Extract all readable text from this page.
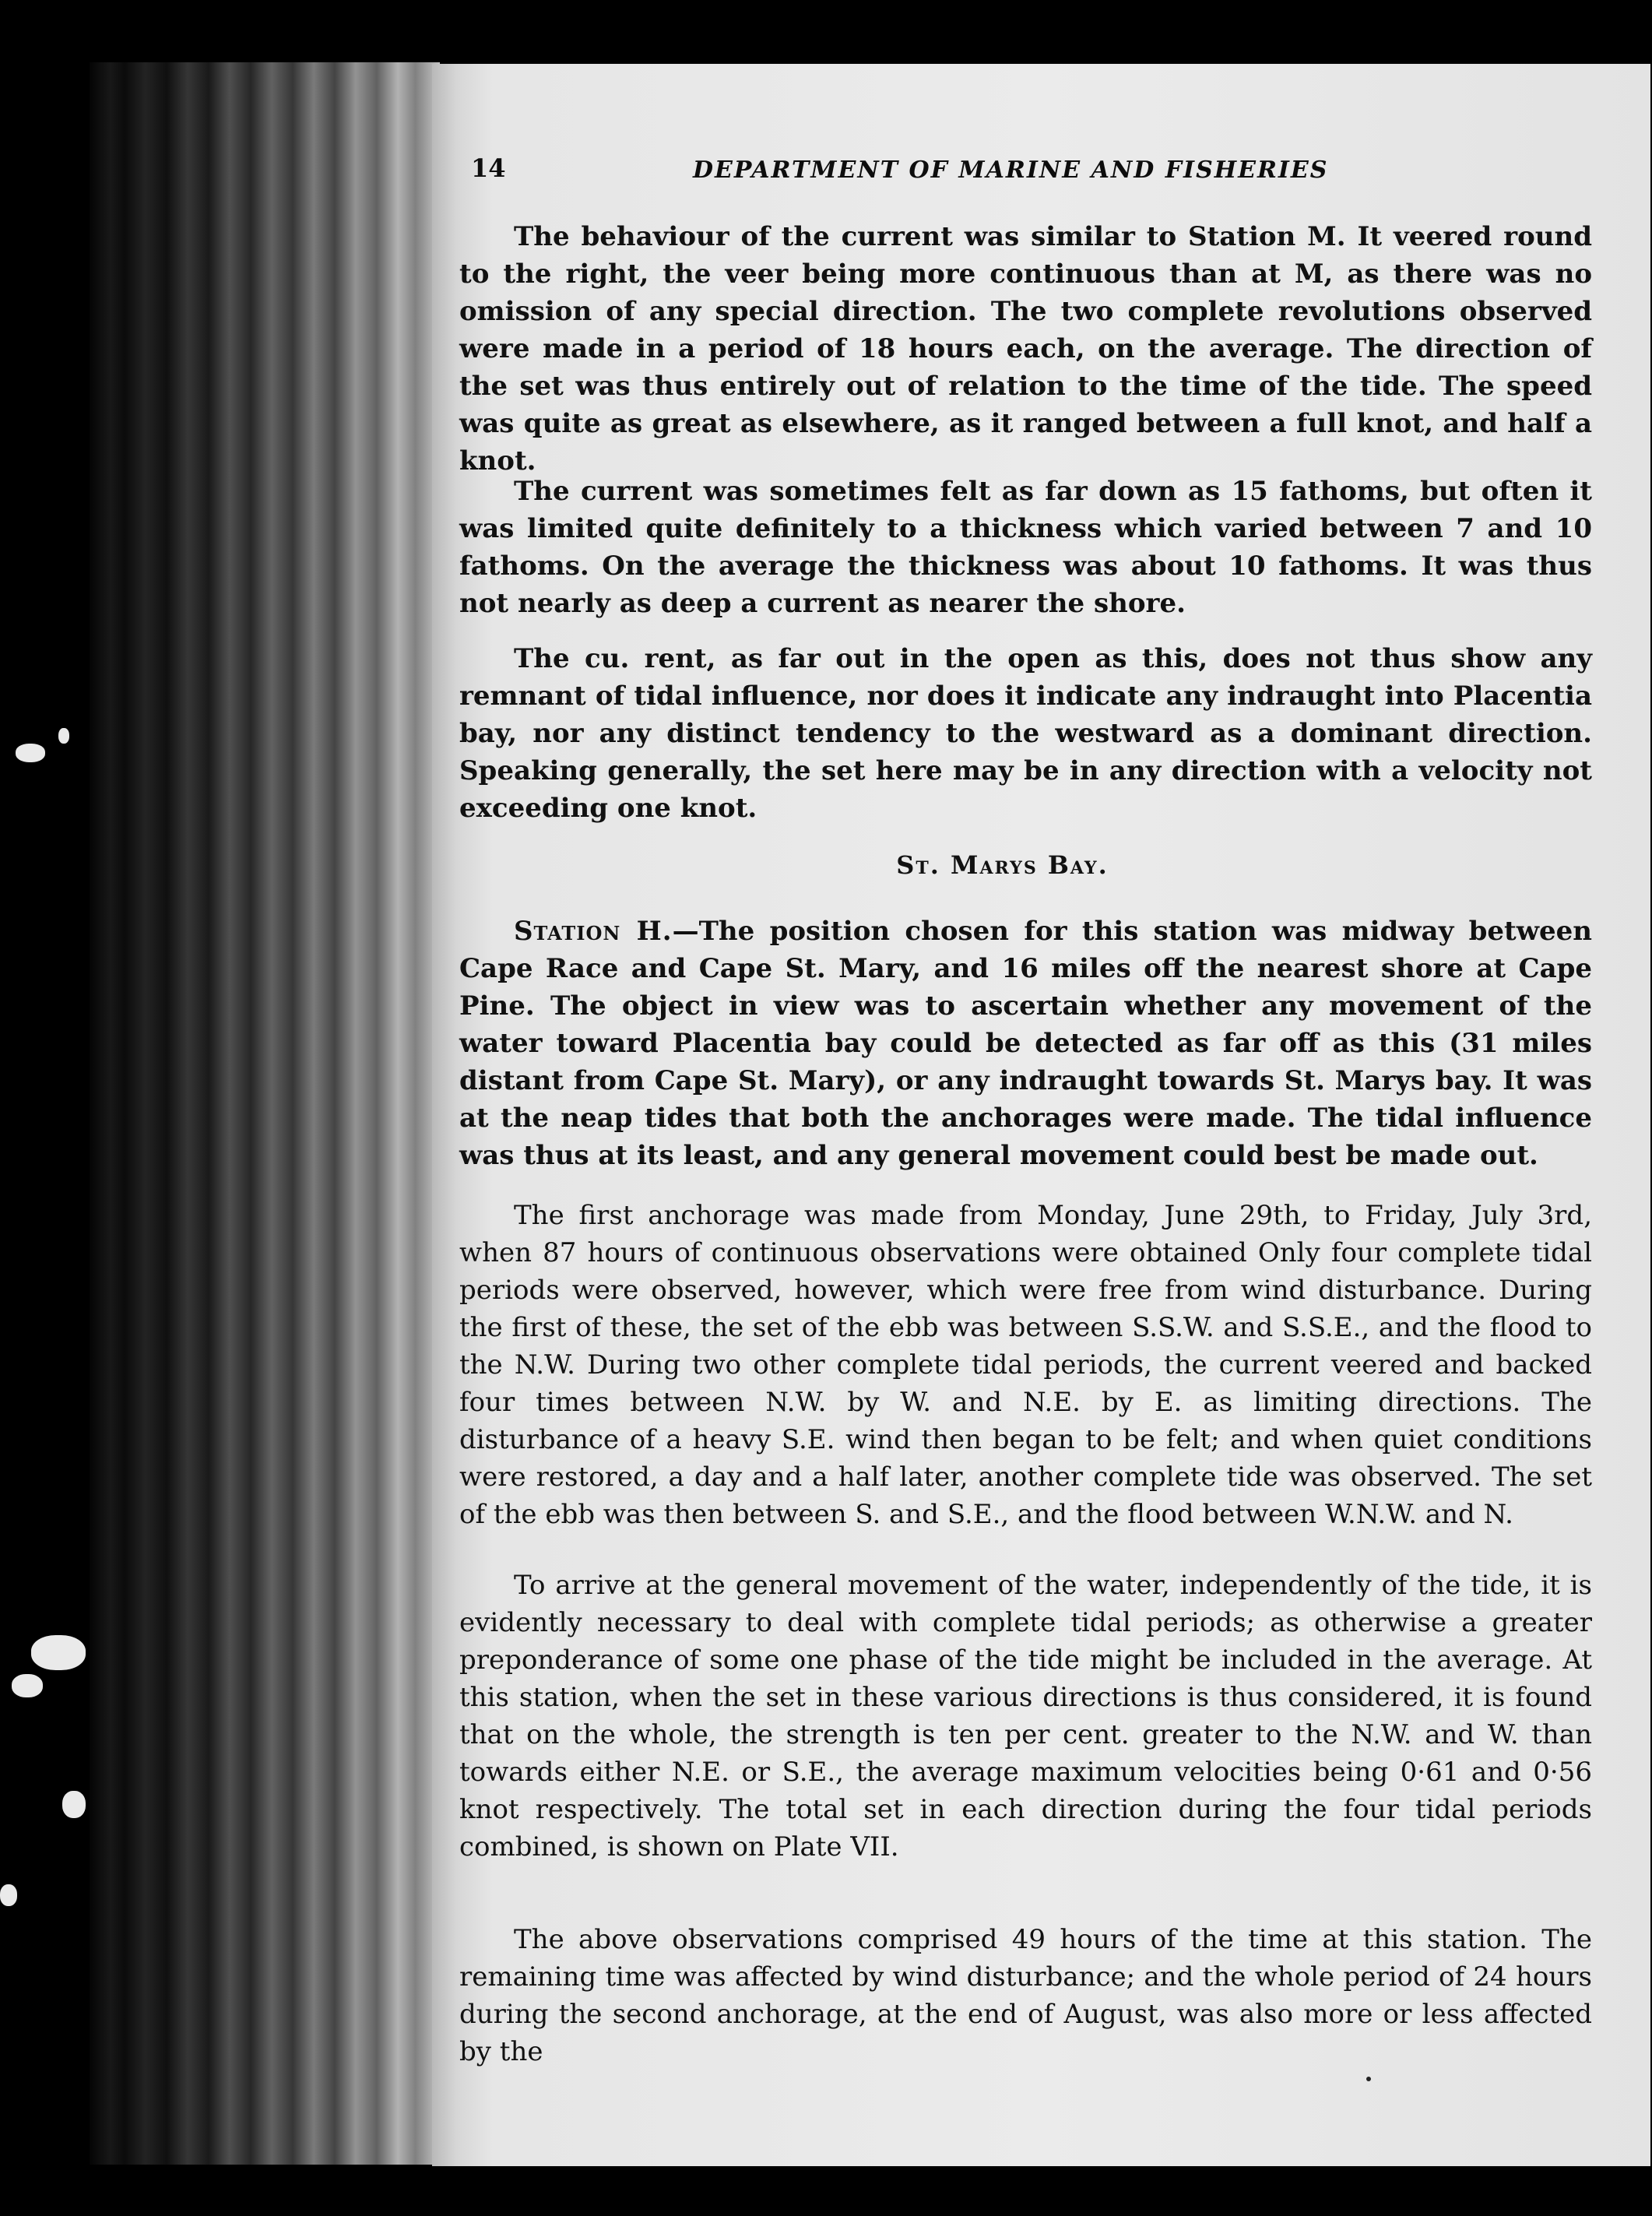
14	DEPARTMENT OF MARINE AND FISHERIES

The behaviour of the current was similar to Station M. It veered round to the right, the veer being more continuous than at M, as there was no omission of any special direction. The two complete revolutions observed were made in a period of 18 hours each, on the average. The direction of the set was thus entirely out of relation to the time of the tide. The speed was quite as great as elsewhere, as it ranged between a full knot, and half a knot.

The current was sometimes felt as far down as 15 fathoms, but often it was limited quite definitely to a thickness which varied between 7 and 10 fathoms. On the average the thickness was about 10 fathoms. It was thus not nearly as deep a current as nearer the shore.

The cu. rent, as far out in the open as this, does not thus show any remnant of tidal influence, nor does it indicate any indraught into Placentia bay, nor any distinct tendency to the westward as a dominant direction. Speaking generally, the set here may be in any direction with a velocity not exceeding one knot.

St. Marys Bay.

Station H.—The position chosen for this station was midway between Cape Race and Cape St. Mary, and 16 miles off the nearest shore at Cape Pine. The object in view was to ascertain whether any movement of the water toward Placentia bay could be detected as far off as this (31 miles distant from Cape St. Mary), or any indraught towards St. Marys bay. It was at the neap tides that both the anchorages were made. The tidal influence was thus at its least, and any general movement could best be made out.

The first anchorage was made from Monday, June 29th, to Friday, July 3rd, when 87 hours of continuous observations were obtained Only four complete tidal periods were observed, however, which were free from wind disturbance. During the first of these, the set of the ebb was between S.S.W. and S.S.E., and the flood to the N.W. During two other complete tidal periods, the current veered and backed four times between N.W. by W. and N.E. by E. as limiting directions. The disturbance of a heavy S.E. wind then began to be felt; and when quiet conditions were restored, a day and a half later, another complete tide was observed. The set of the ebb was then between S. and S.E., and the flood between W.N.W. and N.

To arrive at the general movement of the water, independently of the tide, it is evidently necessary to deal with complete tidal periods; as otherwise a greater preponderance of some one phase of the tide might be included in the average. At this station, when the set in these various directions is thus considered, it is found that on the whole, the strength is ten per cent. greater to the N.W. and W. than towards either N.E. or S.E., the average maximum velocities being 0·61 and 0·56 knot respectively. The total set in each direction during the four tidal periods combined, is shown on Plate VII.

The above observations comprised 49 hours of the time at this station. The remaining time was affected by wind disturbance; and the whole period of 24 hours during the second anchorage, at the end of August, was also more or less affected by the
